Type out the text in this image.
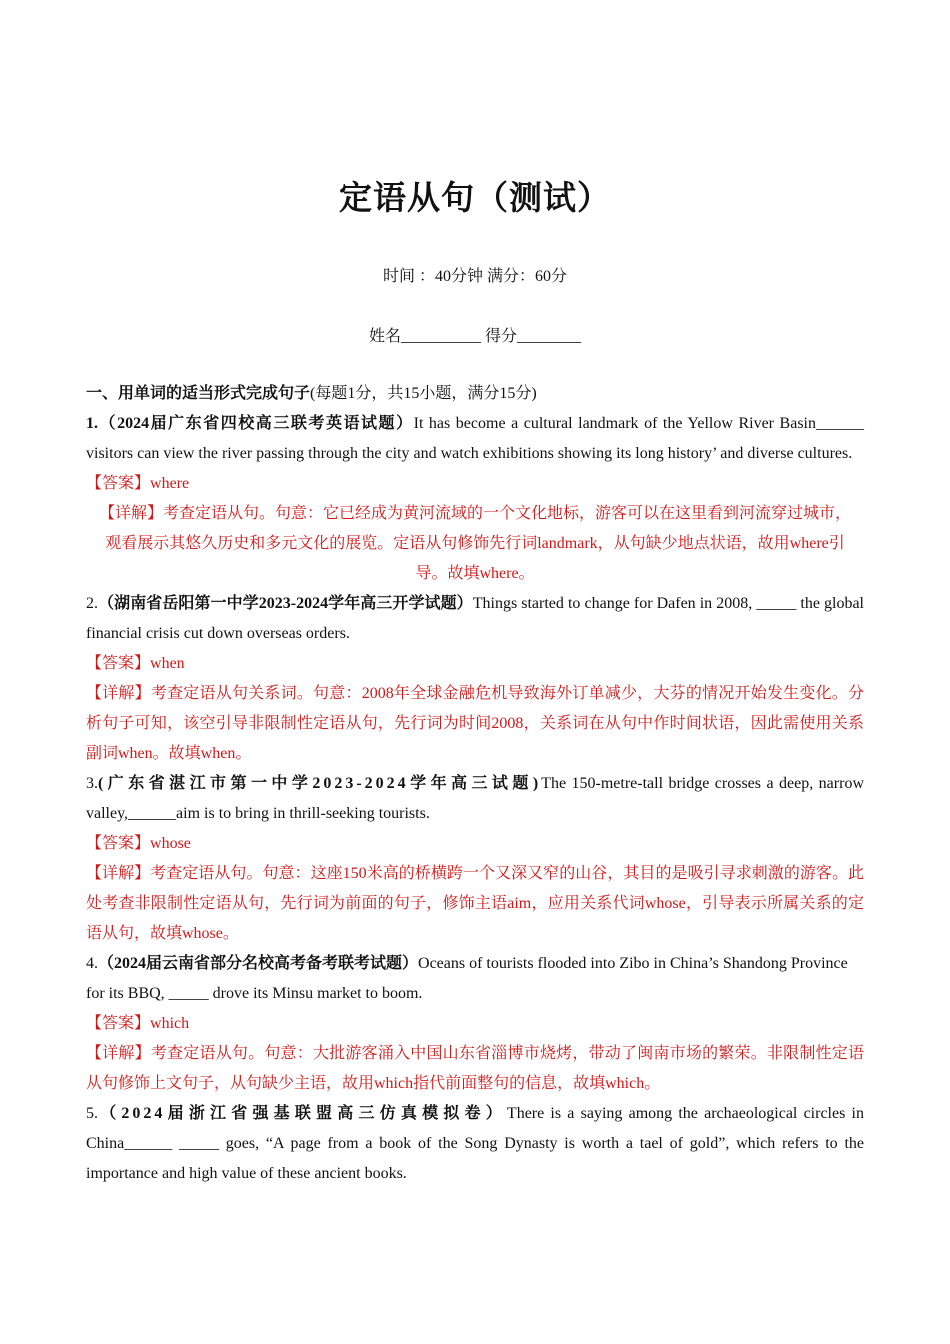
定语从句（测试）
时间 ：40分钟 满分：60分
姓名__________ 得分________

一、用单词的适当形式完成句子(每题1分，共15小题，满分15分)

1.（2024届广东省四校高三联考英语试题）It has become a cultural landmark of the Yellow River Basin______ visitors can view the river passing through the city and watch exhibitions showing its long history’ and diverse cultures.

【答案】where

【详解】考查定语从句。句意：它已经成为黄河流域的一个文化地标，游客可以在这里看到河流穿过城市，观看展示其悠久历史和多元文化的展览。定语从句修饰先行词landmark，从句缺少地点状语，故用where引导。故填where。

2.（湖南省岳阳第一中学2023-2024学年高三开学试题）Things started to change for Dafen in 2008, _____ the global financial crisis cut down overseas orders.

【答案】when

【详解】考查定语从句关系词。句意：2008年全球金融危机导致海外订单减少，大芬的情况开始发生变化。分析句子可知，该空引导非限制性定语从句，先行词为时间2008，关系词在从句中作时间状语，因此需使用关系副词when。故填when。

3.(广东省湛江市第一中学2023-2024学年高三试题)The 150-metre-tall bridge crosses a deep, narrow valley,______aim is to bring in thrill-seeking tourists.

【答案】whose

【详解】考查定语从句。句意：这座150米高的桥横跨一个又深又窄的山谷，其目的是吸引寻求刺激的游客。此处考查非限制性定语从句，先行词为前面的句子，修饰主语aim，应用关系代词whose，引导表示所属关系的定语从句，故填whose。

4.（2024届云南省部分名校高考备考联考试题）Oceans of tourists flooded into Zibo in China’s Shandong Province for its BBQ, _____ drove its Minsu market to boom.

【答案】which

【详解】考查定语从句。句意：大批游客涌入中国山东省淄博市烧烤，带动了闽南市场的繁荣。非限制性定语从句修饰上文句子，从句缺少主语，故用which指代前面整句的信息，故填which。

5.（2024届浙江省强基联盟高三仿真模拟卷）There is a saying among the archaeological circles in China______ _____ goes, “A page from a book of the Song Dynasty is worth a tael of gold”, which refers to the importance and high value of these ancient books.
